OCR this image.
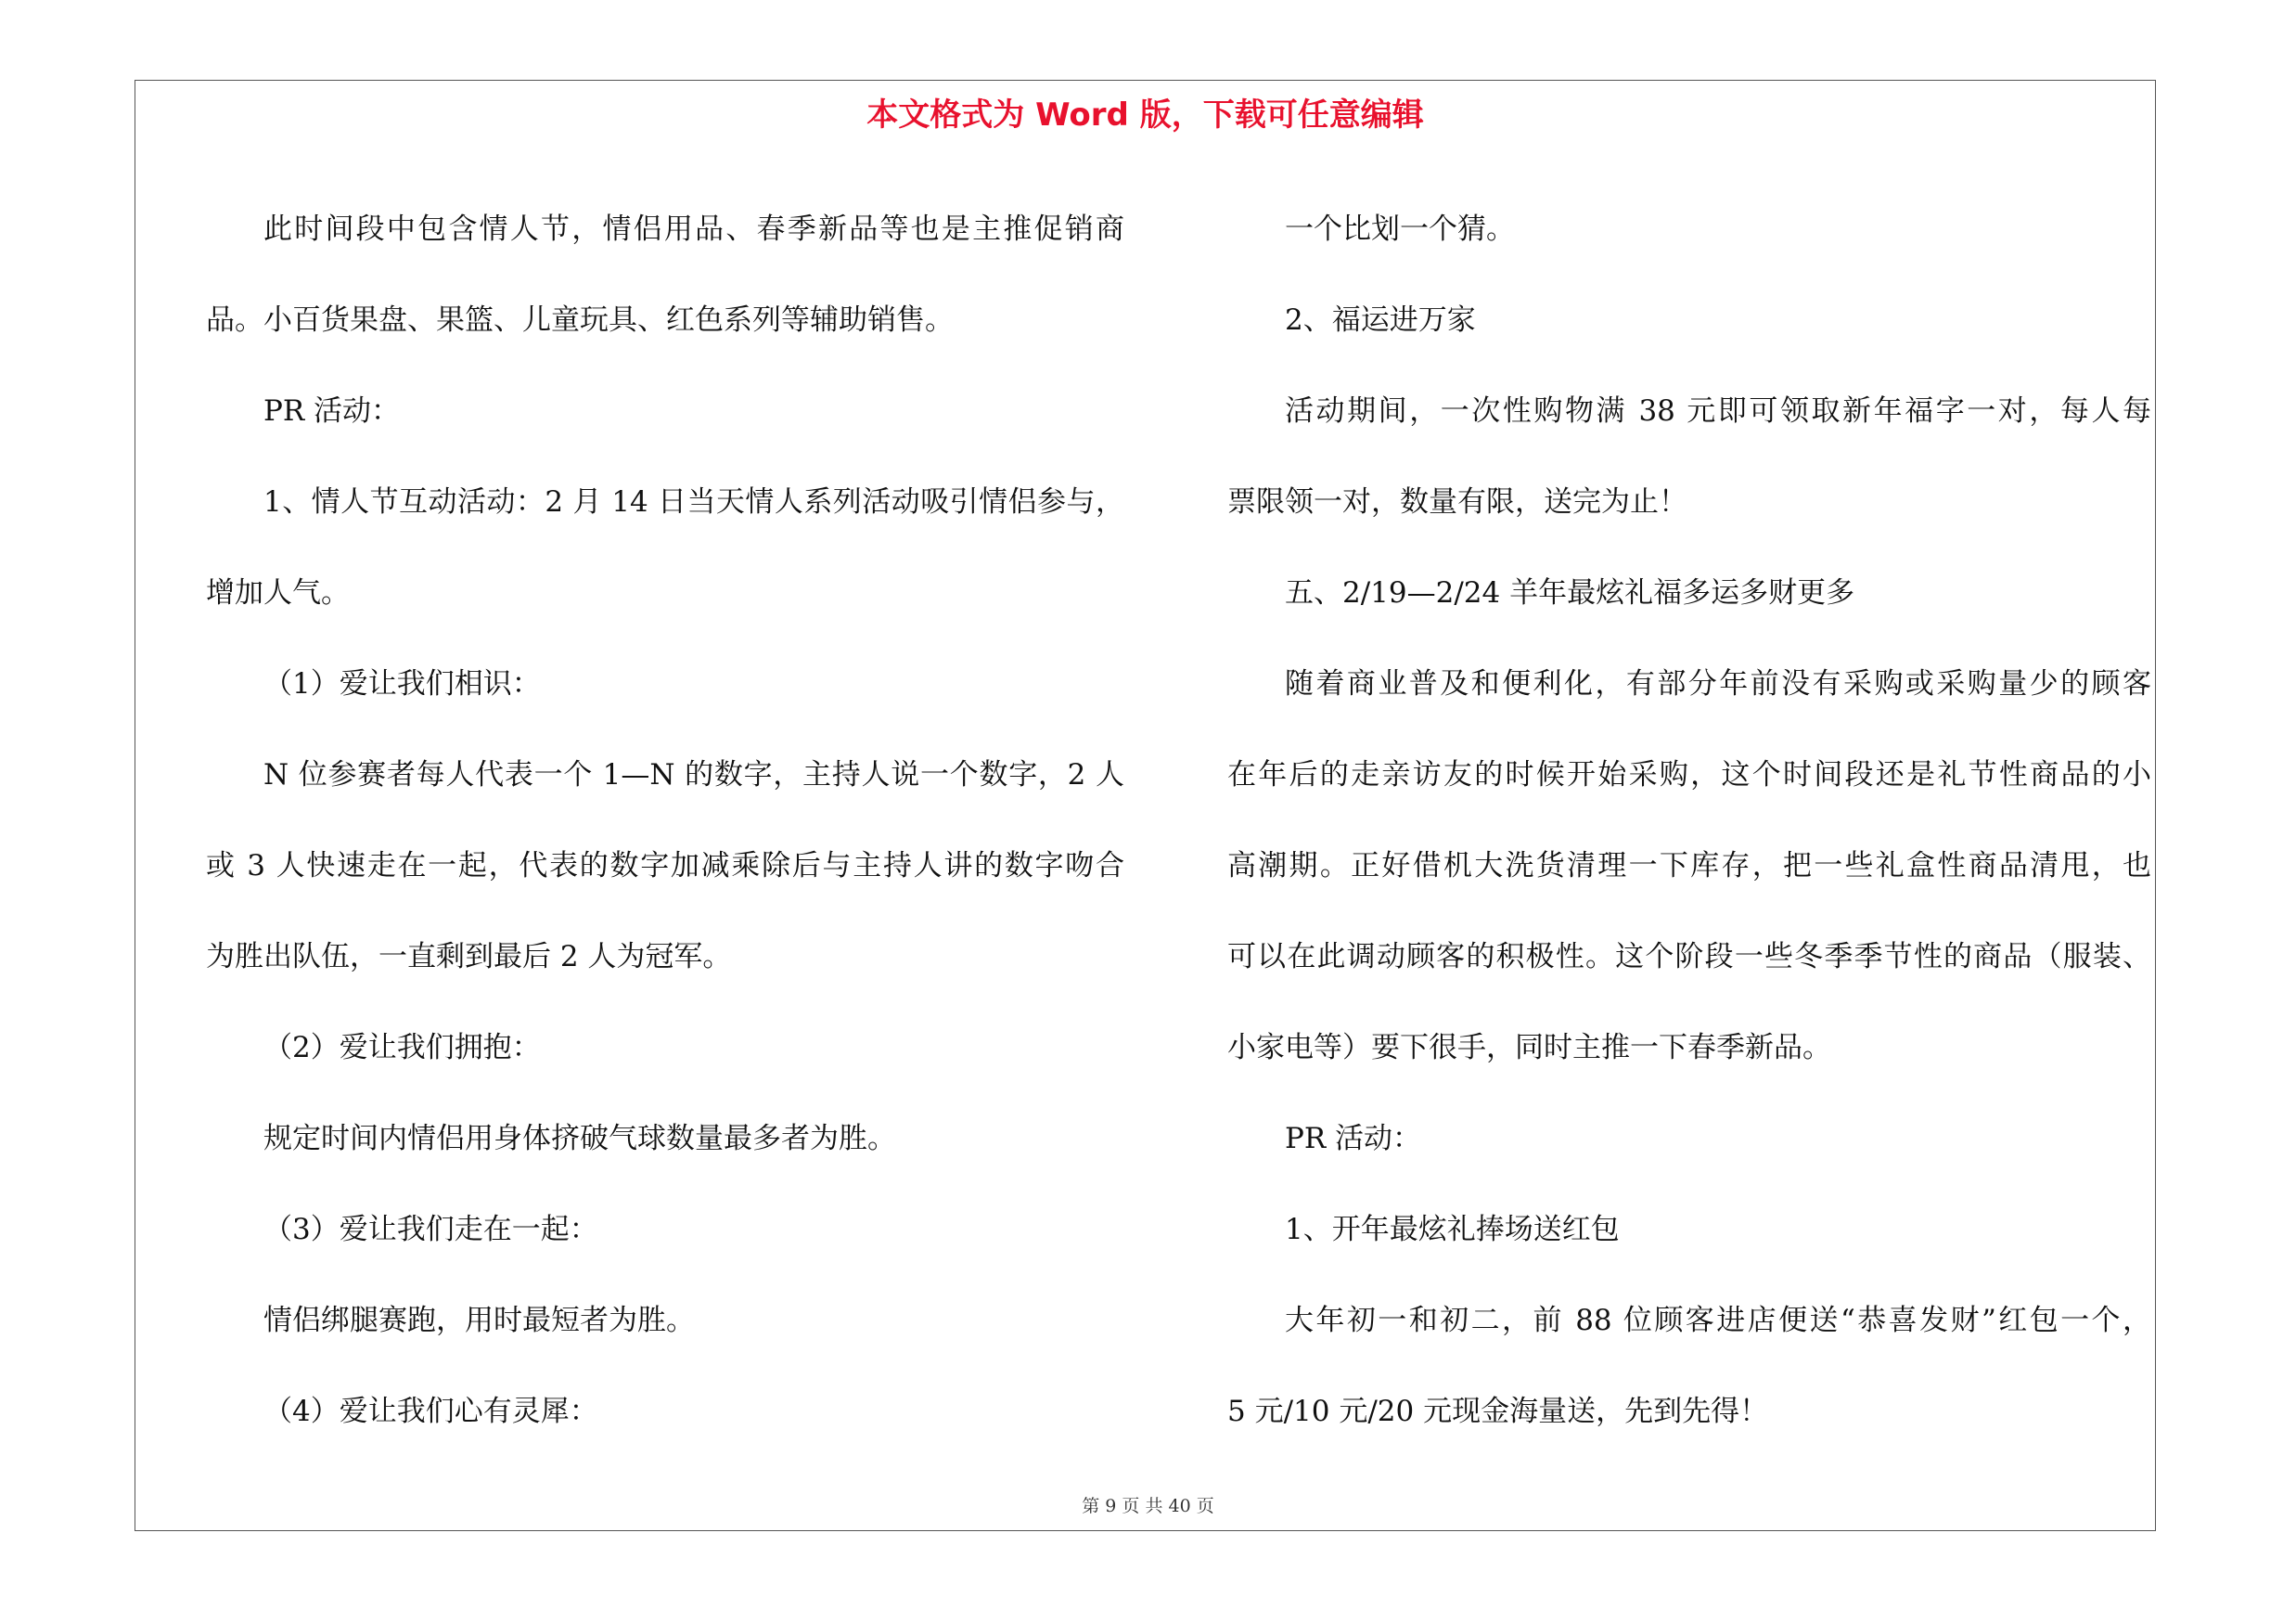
本文格式为 Word 版，下载可任意编辑
此时间段中包含情人节，情侣用品、春季新品等也是主推促销商
品。小百货果盘、果篮、儿童玩具、红色系列等辅助销售。
PR 活动：
1、情人节互动活动：2 月 14 日当天情人系列活动吸引情侣参与，
增加人气。
（1）爱让我们相识：
N 位参赛者每人代表一个 1—N 的数字，主持人说一个数字，2 人
或 3 人快速走在一起，代表的数字加减乘除后与主持人讲的数字吻合
为胜出队伍，一直剩到最后 2 人为冠军。
（2）爱让我们拥抱：
规定时间内情侣用身体挤破气球数量最多者为胜。
（3）爱让我们走在一起：
情侣绑腿赛跑，用时最短者为胜。
（4）爱让我们心有灵犀：
一个比划一个猜。
2、福运进万家
活动期间，一次性购物满 38 元即可领取新年福字一对，每人每
票限领一对，数量有限，送完为止！
五、2/19—2/24 羊年最炫礼福多运多财更多
随着商业普及和便利化，有部分年前没有采购或采购量少的顾客
在年后的走亲访友的时候开始采购，这个时间段还是礼节性商品的小
高潮期。正好借机大洗货清理一下库存，把一些礼盒性商品清甩，也
可以在此调动顾客的积极性。这个阶段一些冬季季节性的商品（服装、
小家电等）要下很手，同时主推一下春季新品。
PR 活动：
1、开年最炫礼捧场送红包
大年初一和初二，前 88 位顾客进店便送“恭喜发财”红包一个，
5 元/10 元/20 元现金海量送，先到先得！
第 9 页 共 40 页
